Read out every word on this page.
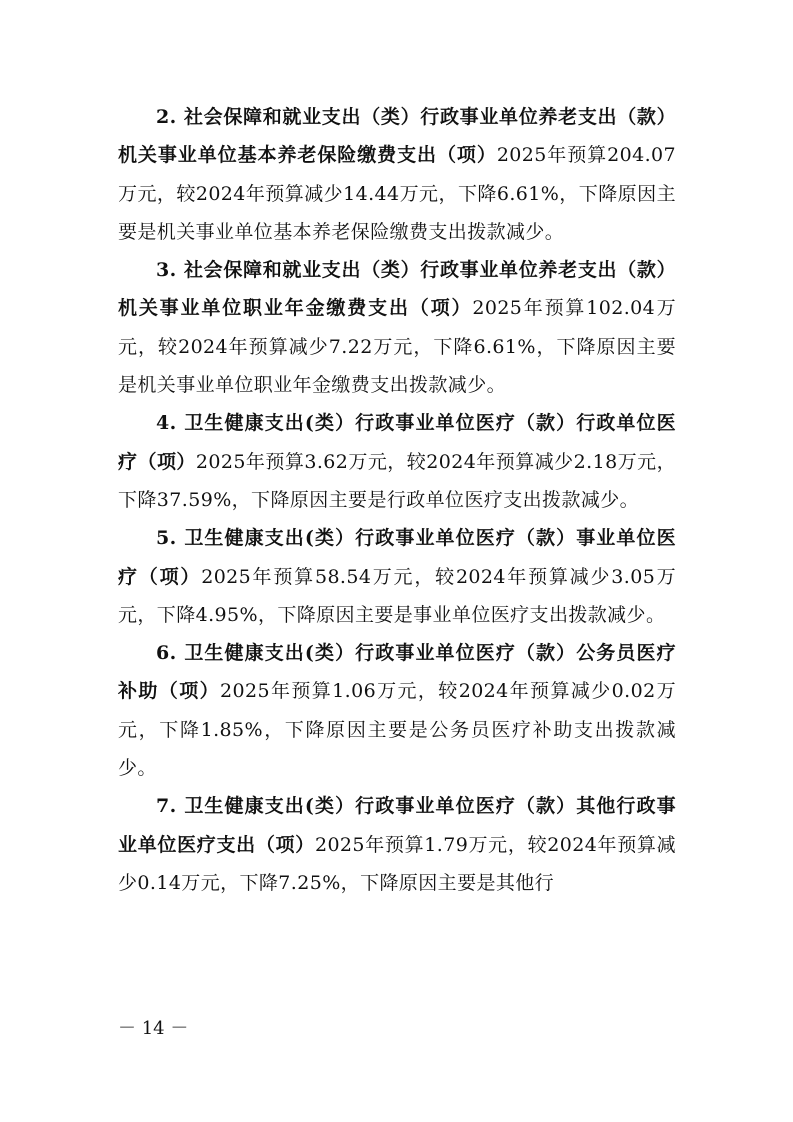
2. 社会保障和就业支出（类）行政事业单位养老支出（款）机关事业单位基本养老保险缴费支出（项）2025年预算204.07万元，较2024年预算减少14.44万元，下降6.61%，下降原因主要是机关事业单位基本养老保险缴费支出拨款减少。

3. 社会保障和就业支出（类）行政事业单位养老支出（款）机关事业单位职业年金缴费支出（项）2025年预算102.04万元，较2024年预算减少7.22万元，下降6.61%，下降原因主要是机关事业单位职业年金缴费支出拨款减少。

4. 卫生健康支出(类）行政事业单位医疗（款）行政单位医疗（项）2025年预算3.62万元，较2024年预算减少2.18万元，下降37.59%，下降原因主要是行政单位医疗支出拨款减少。

5. 卫生健康支出(类）行政事业单位医疗（款）事业单位医疗（项）2025年预算58.54万元，较2024年预算减少3.05万元，下降4.95%，下降原因主要是事业单位医疗支出拨款减少。

6. 卫生健康支出(类）行政事业单位医疗（款）公务员医疗补助（项）2025年预算1.06万元，较2024年预算减少0.02万元，下降1.85%，下降原因主要是公务员医疗补助支出拨款减少。

7. 卫生健康支出(类）行政事业单位医疗（款）其他行政事业单位医疗支出（项）2025年预算1.79万元，较2024年预算减少0.14万元，下降7.25%，下降原因主要是其他行

－ 14 －
